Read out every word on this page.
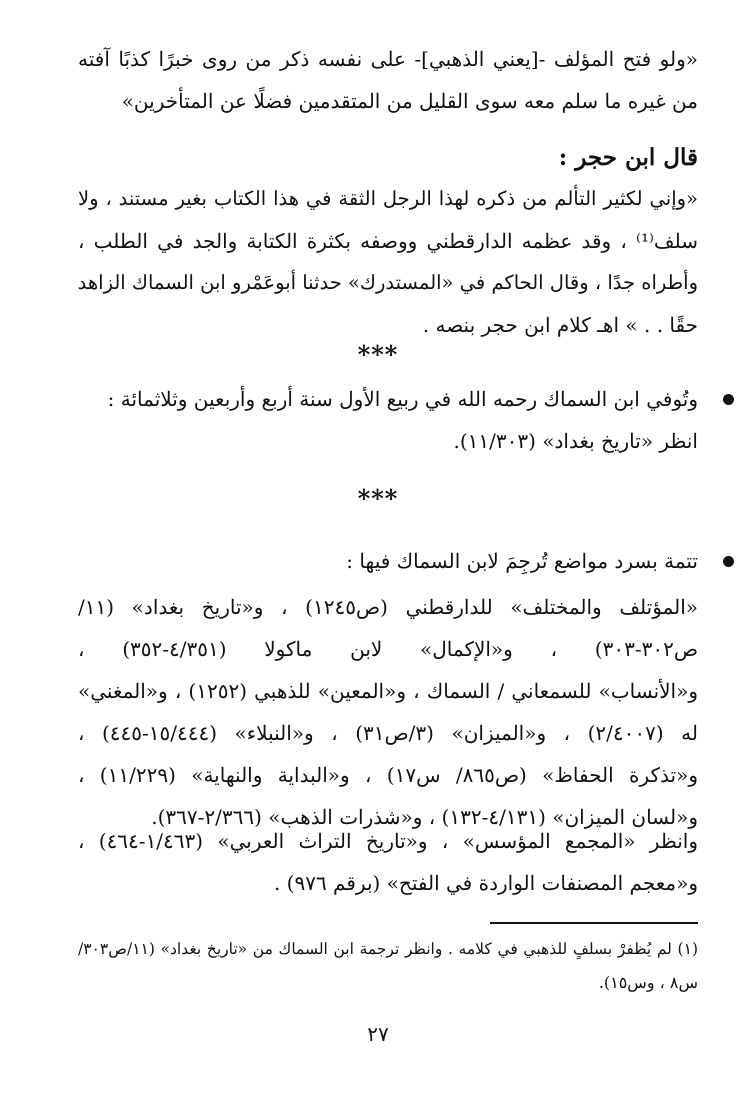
«ولو فتح المؤلف -[يعني الذهبي]- على نفسه ذكر من روى خبرًا كذبًا آفته
من غيره ما سلم معه سوى القليل من المتقدمين فضلًا عن المتأخرين»
قال ابن حجر :
«وإني لكثير التألم من ذكره لهذا الرجل الثقة في هذا الكتاب بغير مستند ، ولا
سلف⁽¹⁾ ، وقد عظمه الدارقطني ووصفه بكثرة الكتابة والجد في الطلب ،
وأطراه جدًا ، وقال الحاكم في «المستدرك» حدثنا أبوعَمْرو ابن السماك الزاهد
حقًا . . » اهـ كلام ابن حجر بنصه .
***
وتُوفي ابن السماك رحمه الله في ربيع الأول سنة أربع وأربعين وثلاثمائة :
انظر «تاريخ بغداد» (١١/٣٠٣).
***
تتمة بسرد مواضع تُرجِمَ لابن السماك فيها :
«المؤتلف والمختلف» للدارقطني (ص١٢٤٥) ، و«تاريخ بغداد» (١١/
ص٣٠٢-٣٠٣) ، و«الإكمال» لابن ماكولا (٤/٣٥١-٣٥٢) ،
و«الأنساب» للسمعاني / السماك ، و«المعين» للذهبي (١٢٥٢) ، و«المغني»
له (٢/٤٠٠٧) ، و«الميزان» (٣/ص٣١) ، و«النبلاء» (١٥/٤٤٤-٤٤٥) ،
و«تذكرة الحفاظ» (ص٨٦٥/ س١٧) ، و«البداية والنهاية» (١١/٢٢٩) ،
و«لسان الميزان» (٤/١٣١-١٣٢) ، و«شذرات الذهب» (٢/٣٦٦-٣٦٧).
وانظر «المجمع المؤسس» ، و«تاريخ التراث العربي» (١/٤٦٣-٤٦٤) ،
و«معجم المصنفات الواردة في الفتح» (برقم ٩٧٦) .
(١) لم يُظفرْ بسلفٍ للذهبي في كلامه . وانظر ترجمة ابن السماك من «تاريخ بغداد» (١١/ص٣٠٣/
س٨ ، وس١٥).
٢٧
